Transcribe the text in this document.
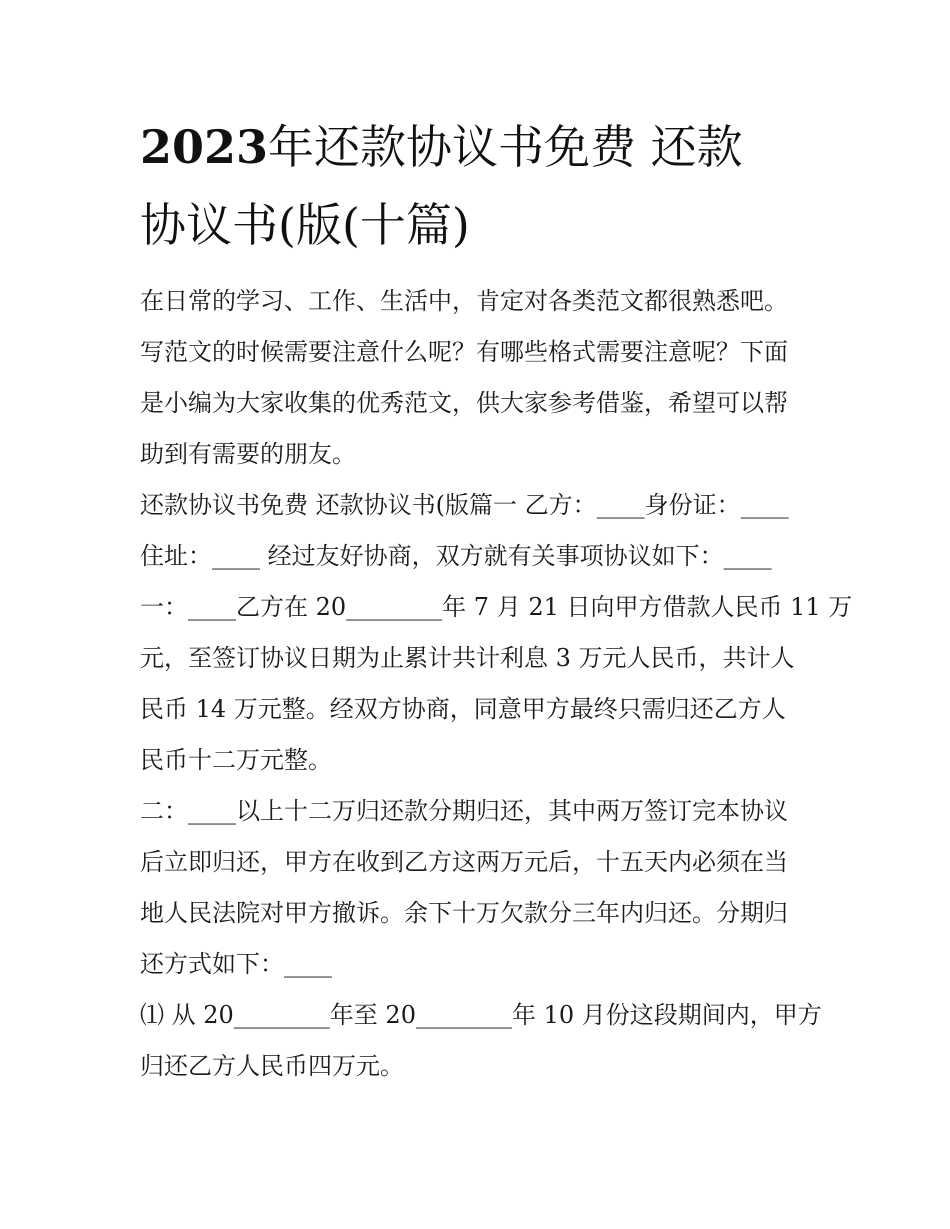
2023年还款协议书免费 还款
协议书(版(十篇)
在日常的学习、工作、生活中，肯定对各类范文都很熟悉吧。
写范文的时候需要注意什么呢？有哪些格式需要注意呢？下面
是小编为大家收集的优秀范文，供大家参考借鉴，希望可以帮
助到有需要的朋友。
还款协议书免费 还款协议书(版篇一 乙方：____身份证：____
住址：____ 经过友好协商，双方就有关事项协议如下：____
一：____乙方在 20________年 7 月 21 日向甲方借款人民币 11 万
元，至签订协议日期为止累计共计利息 3 万元人民币，共计人
民币 14 万元整。经双方协商，同意甲方最终只需归还乙方人
民币十二万元整。
二：____以上十二万归还款分期归还，其中两万签订完本协议
后立即归还，甲方在收到乙方这两万元后，十五天内必须在当
地人民法院对甲方撤诉。余下十万欠款分三年内归还。分期归
还方式如下：____
⑴ 从 20________年至 20________年 10 月份这段期间内，甲方
归还乙方人民币四万元。
